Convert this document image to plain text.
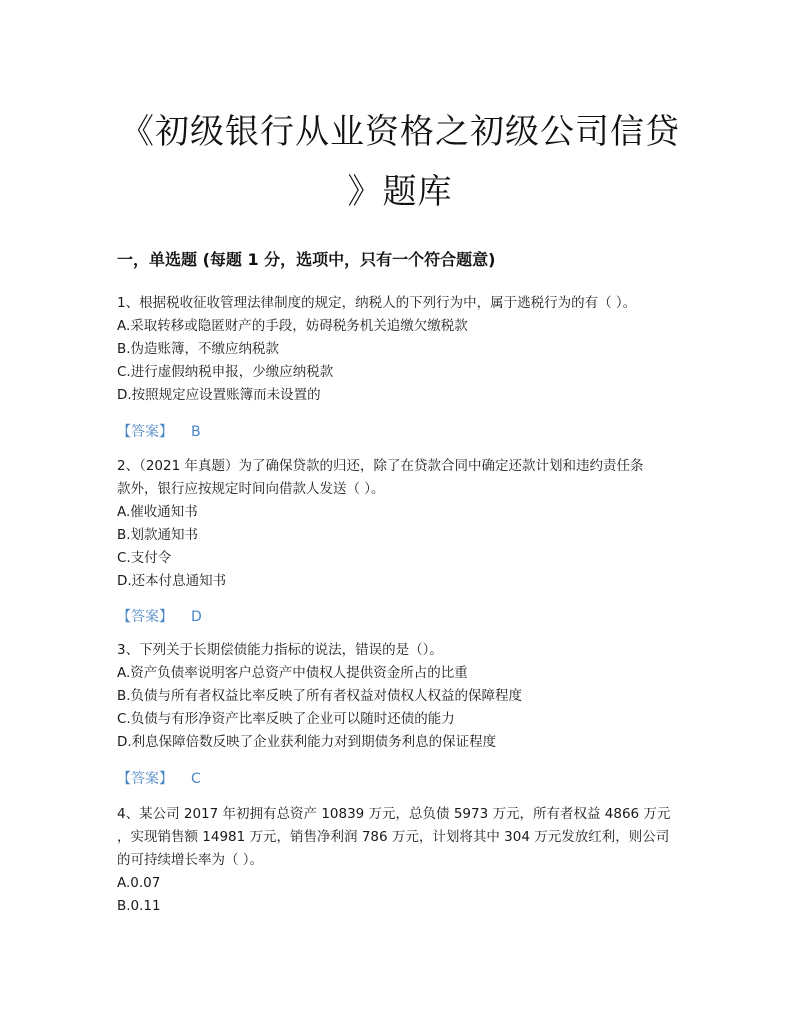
《初级银行从业资格之初级公司信贷
》题库
一，单选题 (每题 1 分，选项中，只有一个符合题意)
1、根据税收征收管理法律制度的规定，纳税人的下列行为中，属于逃税行为的有（ ）。
A.采取转移或隐匿财产的手段，妨碍税务机关追缴欠缴税款
B.伪造账簿，不缴应纳税款
C.进行虚假纳税申报，少缴应纳税款
D.按照规定应设置账簿而未设置的
【答案】 B
2、（2021 年真题）为了确保贷款的归还，除了在贷款合同中确定还款计划和违约责任条
款外，银行应按规定时间向借款人发送（ ）。
A.催收通知书
B.划款通知书
C.支付令
D.还本付息通知书
【答案】 D
3、下列关于长期偿债能力指标的说法，错误的是（）。
A.资产负债率说明客户总资产中债权人提供资金所占的比重
B.负债与所有者权益比率反映了所有者权益对债权人权益的保障程度
C.负债与有形净资产比率反映了企业可以随时还债的能力
D.利息保障倍数反映了企业获利能力对到期债务利息的保证程度
【答案】 C
4、某公司 2017 年初拥有总资产 10839 万元，总负债 5973 万元，所有者权益 4866 万元
，实现销售额 14981 万元，销售净利润 786 万元，计划将其中 304 万元发放红利，则公司
的可持续增长率为（ ）。
A.0.07
B.0.11
